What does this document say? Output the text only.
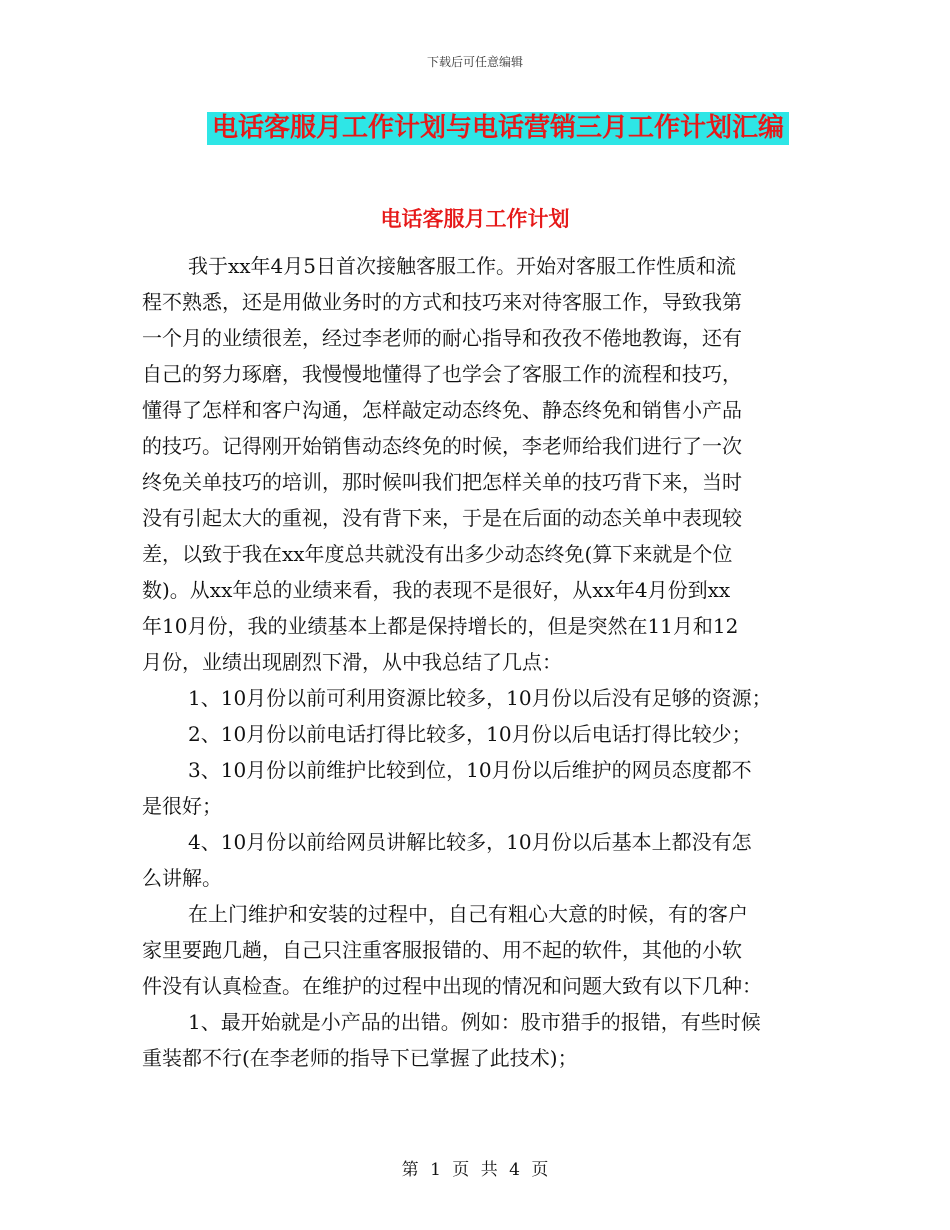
下载后可任意编辑
电话客服月工作计划与电话营销三月工作计划汇编
电话客服月工作计划
我于xx年4月5日首次接触客服工作。开始对客服工作性质和流
程不熟悉，还是用做业务时的方式和技巧来对待客服工作，导致我第
一个月的业绩很差，经过李老师的耐心指导和孜孜不倦地教诲，还有
自己的努力琢磨，我慢慢地懂得了也学会了客服工作的流程和技巧，
懂得了怎样和客户沟通，怎样敲定动态终免、静态终免和销售小产品
的技巧。记得刚开始销售动态终免的时候，李老师给我们进行了一次
终免关单技巧的培训，那时候叫我们把怎样关单的技巧背下来，当时
没有引起太大的重视，没有背下来，于是在后面的动态关单中表现较
差，以致于我在xx年度总共就没有出多少动态终免(算下来就是个位
数)。从xx年总的业绩来看，我的表现不是很好，从xx年4月份到xx
年10月份，我的业绩基本上都是保持增长的，但是突然在11月和12
月份，业绩出现剧烈下滑，从中我总结了几点：
1、10月份以前可利用资源比较多，10月份以后没有足够的资源；
2、10月份以前电话打得比较多，10月份以后电话打得比较少；
3、10月份以前维护比较到位，10月份以后维护的网员态度都不
是很好；
4、10月份以前给网员讲解比较多，10月份以后基本上都没有怎
么讲解。
在上门维护和安装的过程中，自己有粗心大意的时候，有的客户
家里要跑几趟，自己只注重客服报错的、用不起的软件，其他的小软
件没有认真检查。在维护的过程中出现的情况和问题大致有以下几种：
1、最开始就是小产品的出错。例如：股市猎手的报错，有些时候
重装都不行(在李老师的指导下已掌握了此技术)；
第 1 页 共 4 页
